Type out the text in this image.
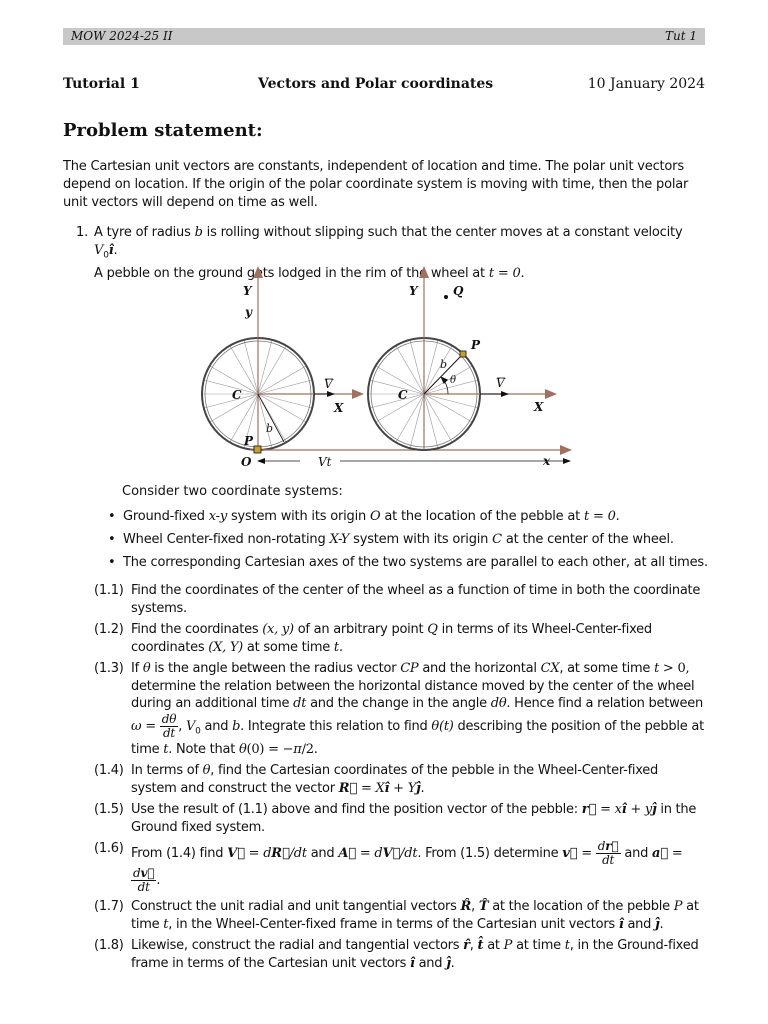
MOW 2024-25 II	Tut 1
Tutorial 1	Vectors and Polar coordinates	10 January 2024
Problem statement:
The Cartesian unit vectors are constants, independent of location and time. The polar unit vectors depend on location. If the origin of the polar coordinate system is moving with time, then the polar unit vectors will depend on time as well.
1. A tyre of radius b is rolling without slipping such that the center moves at a constant velocity $V_0î$.
A pebble on the ground gets lodged in the rim of the wheel at t = 0.
Y
y
C
X
V
b
P
O	Vt	x
Y	Q
P
b
θ	V
C
X
Consider two coordinate systems:
• Ground-fixed x-y system with its origin O at the location of the pebble at t = 0.
• Wheel Center-fixed non-rotating X-Y system with its origin C at the center of the wheel.
• The corresponding Cartesian axes of the two systems are parallel to each other, at all times.
(1.1) Find the coordinates of the center of the wheel as a function of time in both the coordinate systems.
(1.2) Find the coordinates (x, y) of an arbitrary point Q in terms of its Wheel-Center-fixed coordinates (X, Y) at some time t.
(1.3) If θ is the angle between the radius vector CP and the horizontal CX, at some time t > 0, determine the relation between the horizontal distance moved by the center of the wheel during an additional time dt and the change in the angle dθ. Hence find a relation between $\omega = \frac{d\theta}{dt}$ , $V_0$ and b. Integrate this relation to find θ(t) describing the position of the pebble at time t. Note that θ(0) = −π/2.
(1.4) In terms of θ, find the Cartesian coordinates of the pebble in the Wheel-Center-fixed system and construct the vector R⃗ = Xî + Yĵ.
(1.5) Use the result of (1.1) above and find the position vector of the pebble: r⃗ = xî + yĵ in the Ground fixed system.
(1.6) From (1.4) find V⃗ = dR⃗/dt and A⃗ = dV⃗/dt. From (1.5) determine v⃗ = $\frac{dr⃗}{dt}$ and a⃗ =
$\frac{dv⃗}{dt}$ .
(1.7) Construct the unit radial and unit tangential vectors R̂, T̂ at the location of the pebble P at time t, in the Wheel-Center-fixed frame in terms of the Cartesian unit vectors î and ĵ.
(1.8) Likewise, construct the radial and tangential vectors r̂, t̂ at P at time t, in the Ground-fixed frame in terms of the Cartesian unit vectors î and ĵ.
